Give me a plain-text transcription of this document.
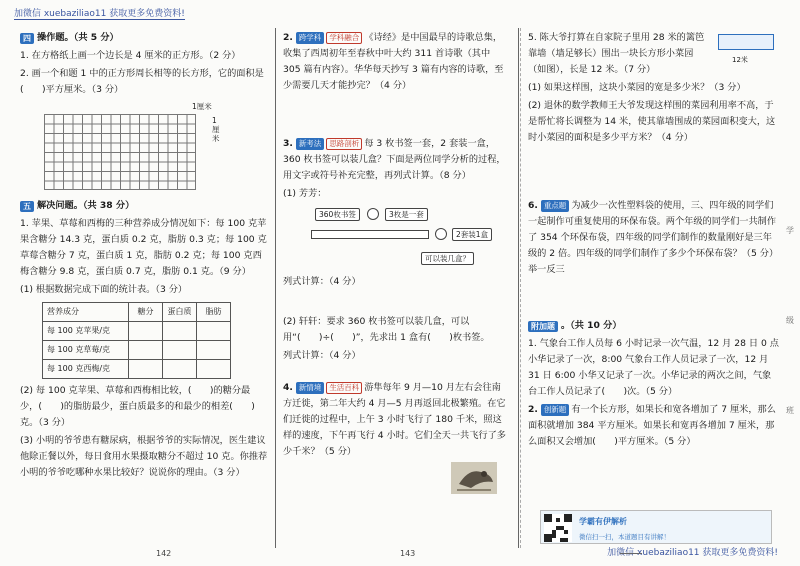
加微信 xuebaziliao11 获取更多免费资料!
加微信 xuebaziliao11 获取更多免费资料!
四 操作题。（共 5 分）

1. 在方格纸上画一个边长是 4 厘米的正方形。（2 分）

2. 画一个和题 1 中的正方形周长相等的长方形，它的面积是(　　)平方厘米。（3 分）

1厘米
1厘米
五 解决问题。（共 38 分）

1. 苹果、草莓和西梅的三种营养成分情况如下：每 100 克苹果含糖分 14.3 克，蛋白质 0.2 克，脂肪 0.3 克；每 100 克草莓含糖分 7 克，蛋白质 1 克，脂肪 0.2 克；每 100 克西梅含糖分 9.8 克，蛋白质 0.7 克，脂肪 0.1 克。（9 分）

(1) 根据数据完成下面的统计表。（3 分）

营养成分	糖分	蛋白质	脂肪
每 100 克苹果/克			
每 100 克草莓/克			
每 100 克西梅/克			

(2) 每 100 克苹果、草莓和西梅相比较，(　　)的糖分最少，(　　)的脂肪最少，蛋白质最多的和最少的相差(　　)克。（3 分）

(3) 小明的爷爷患有糖尿病，根据爷爷的实际情况，医生建议他除正餐以外，每日食用水果摄取糖分不超过 10 克。你推荐小明的爷爷吃哪种水果比较好？说说你的理由。（3 分）

2. 跨学科 学科融合 《诗经》是中国最早的诗歌总集，收集了西周初年至春秋中叶大约 311 首诗歌（其中 305 篇有内容）。华华每天抄写 3 篇有内容的诗歌，至少需要几天才能抄完？（4 分）

3. 新考法 思路剖析 每 3 枚书签一套，2 套装一盒，360 枚书签可以装几盒？下面是两位同学分析的过程，用文字或符号补充完整，再列式计算。（8 分）

(1) 芳芳：

360枚书签	3枚是一套
2套装1盒
可以装几盒？

列式计算：（4 分）

(2) 轩轩：要求 360 枚书签可以装几盒，可以用“(　　)÷(　　)”，先求出 1 盒有(　　)枚书签。

列式计算：（4 分）

4. 新情境 生活百科 游隼每年 9 月—10 月左右会往南方迁徙，第二年大约 4 月—5 月再返回北极繁殖。在它们迁徙的过程中，上午 3 小时飞行了 180 千米，照这样的速度，下午再飞行 4 小时。它们全天一共飞行了多少千米？（5 分）

5. 陈大爷打算在自家院子里用 28 米的篱笆靠墙（墙足够长）围出一块长方形小菜园（如图），长是 12 米。（7 分）

12米

(1) 如果这样围，这块小菜园的宽是多少米？（3 分）

(2) 退休的数学教师王大爷发现这样围的菜园利用率不高，于是帮忙将长调整为 14 米，使其靠墙围成的菜园面积变大，这时小菜园的面积是多少平方米？（4 分）

6. 重点题 为减少一次性塑料袋的使用，三、四年级的同学们一起制作可重复使用的环保布袋。两个年级的同学们一共制作了 354 个环保布袋，四年级的同学们制作的数量刚好是三年级的 2 倍。四年级的同学们制作了多少个环保布袋？（5 分）举一反三

附加题 。（共 10 分）

1. 气象台工作人员每 6 小时记录一次气温，12 月 28 日 0 点小华记录了一次，8:00 气象台工作人员记录了一次，12 月 31 日 6:00 小华又记录了一次。小华记录的两次之间，气象台工作人员记录了(　　)次。（5 分）

2. 创新题 有一个长方形，如果长和宽各增加了 7 厘米，那么面积就增加 384 平方厘米。如果长和宽再各增加 7 厘米，那么面积又会增加(　　)平方厘米。（5 分）

学霸有伊解析
微信扫一扫，本道题目有讲解！
学
级
班
142	143
